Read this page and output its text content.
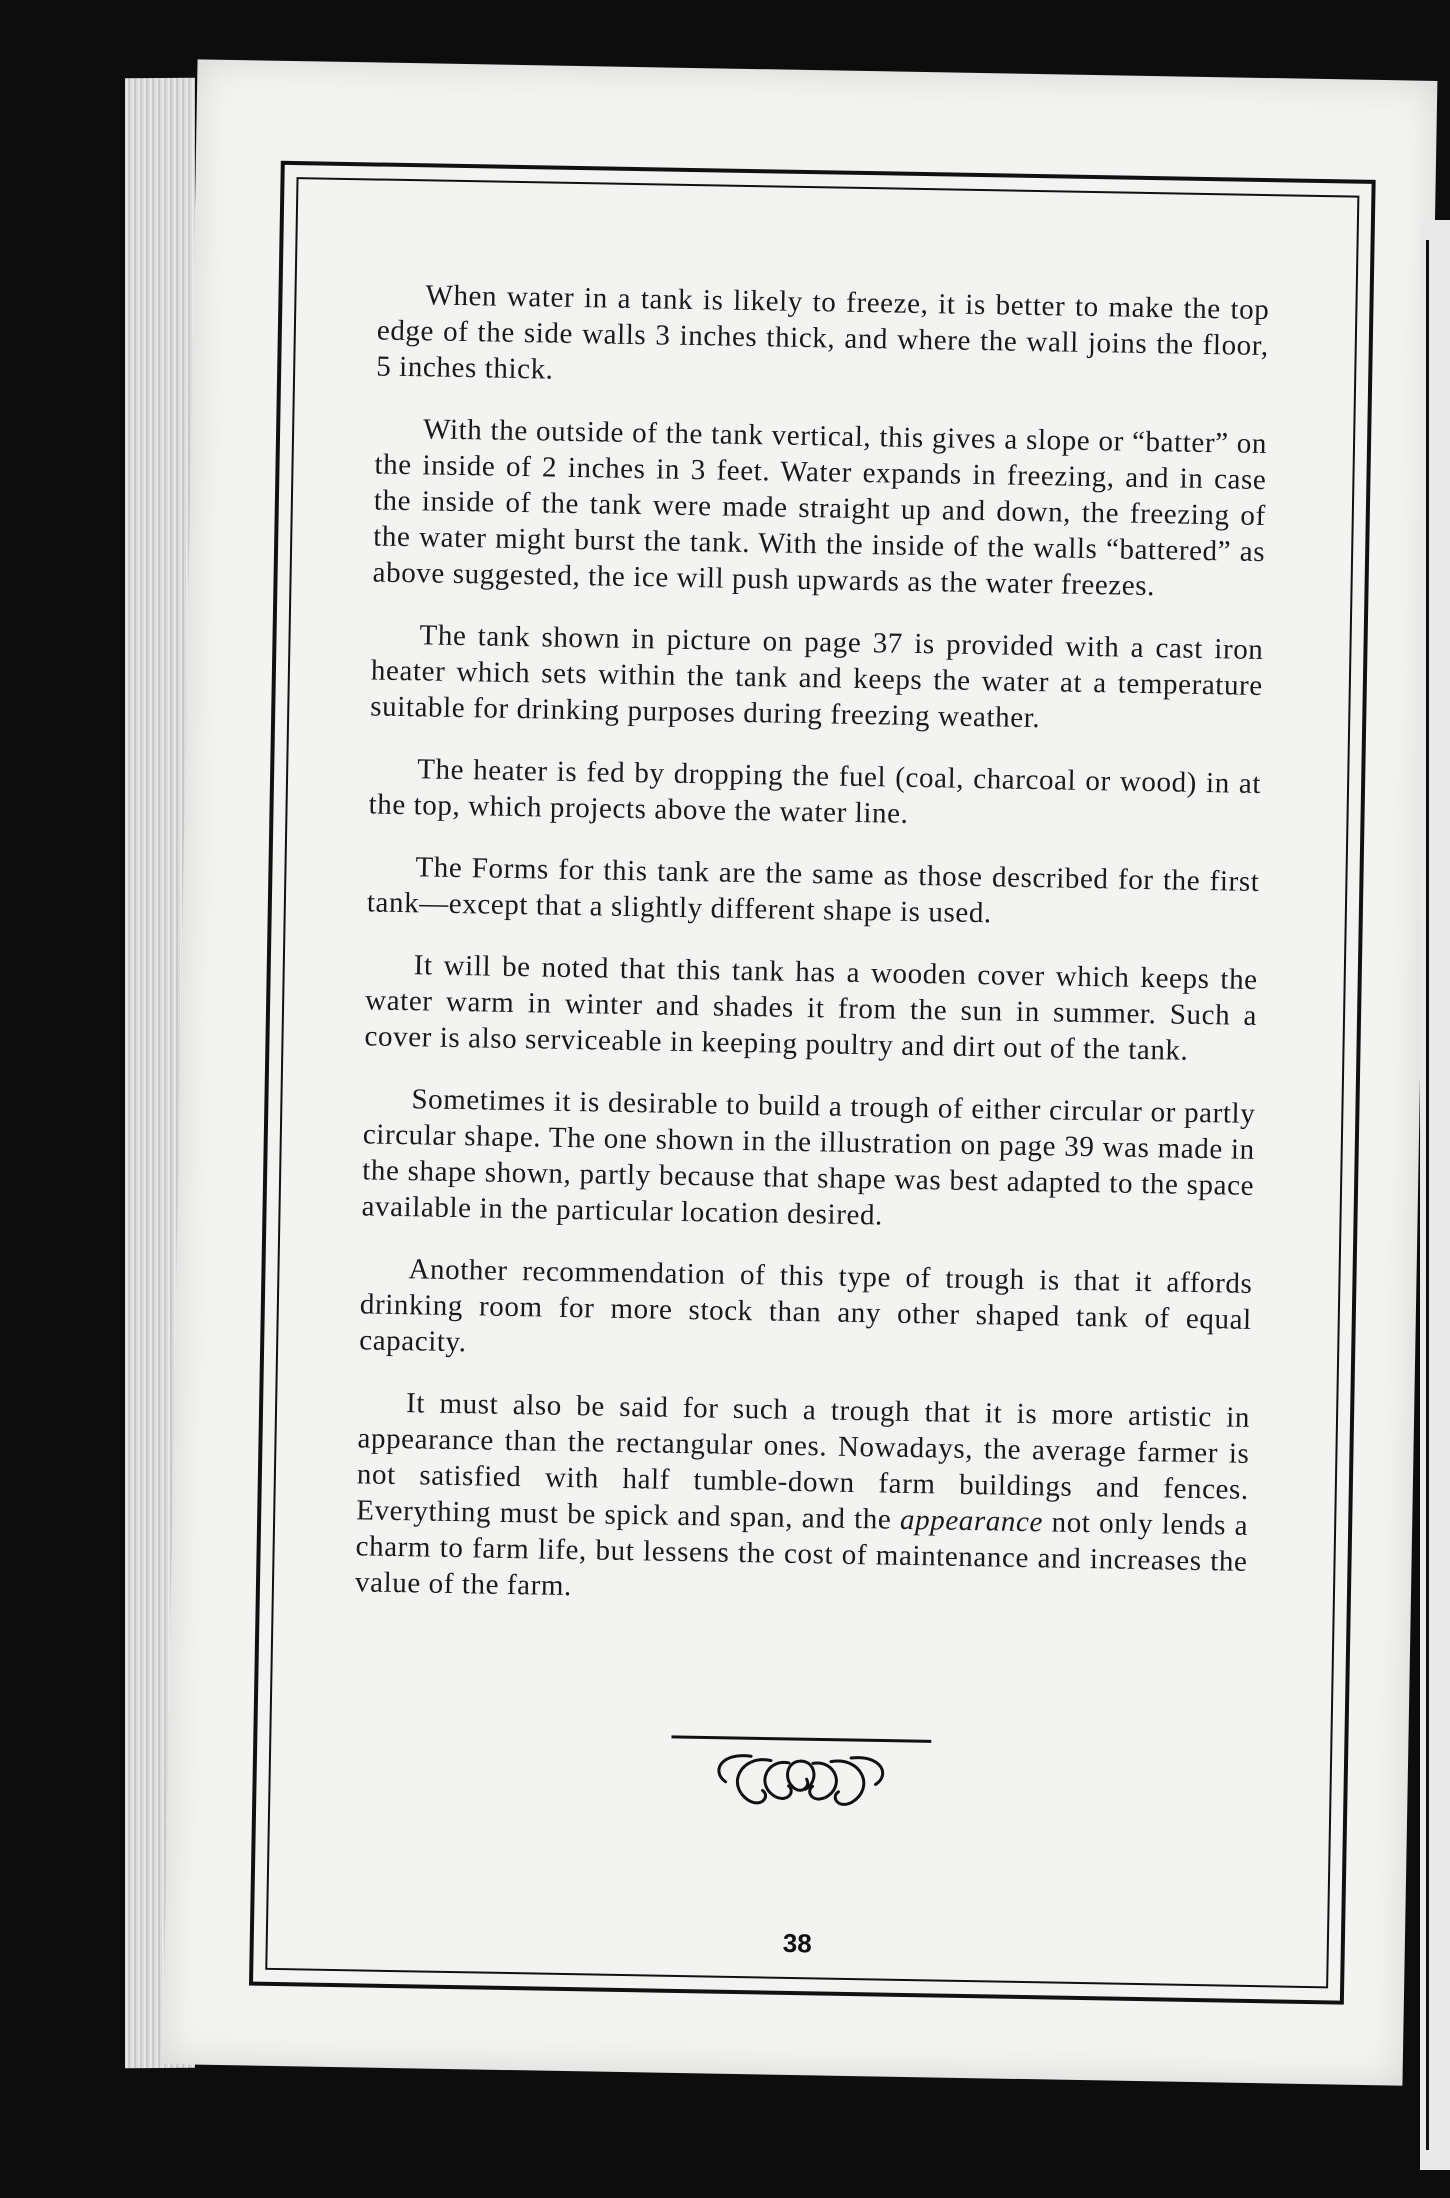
When water in a tank is likely to freeze, it is better to make the top edge of the side walls 3 inches thick, and where the wall joins the floor, 5 inches thick.

With the outside of the tank vertical, this gives a slope or “batter” on the inside of 2 inches in 3 feet. Water expands in freezing, and in case the inside of the tank were made straight up and down, the freezing of the water might burst the tank. With the inside of the walls “battered” as above suggested, the ice will push upwards as the water freezes.

The tank shown in picture on page 37 is provided with a cast iron heater which sets within the tank and keeps the water at a temperature suitable for drinking purposes during freezing weather.

The heater is fed by dropping the fuel (coal, charcoal or wood) in at the top, which projects above the water line.

The Forms for this tank are the same as those described for the first tank—except that a slightly different shape is used.

It will be noted that this tank has a wooden cover which keeps the water warm in winter and shades it from the sun in summer. Such a cover is also serviceable in keeping poultry and dirt out of the tank.

Sometimes it is desirable to build a trough of either circular or partly circular shape. The one shown in the illustration on page 39 was made in the shape shown, partly because that shape was best adapted to the space available in the particular location desired.

Another recommendation of this type of trough is that it affords drinking room for more stock than any other shaped tank of equal capacity.

It must also be said for such a trough that it is more artistic in appearance than the rectangular ones. Nowadays, the average farmer is not satisfied with half tumble-down farm buildings and fences. Everything must be spick and span, and the appearance not only lends a charm to farm life, but lessens the cost of maintenance and increases the value of the farm.

38
